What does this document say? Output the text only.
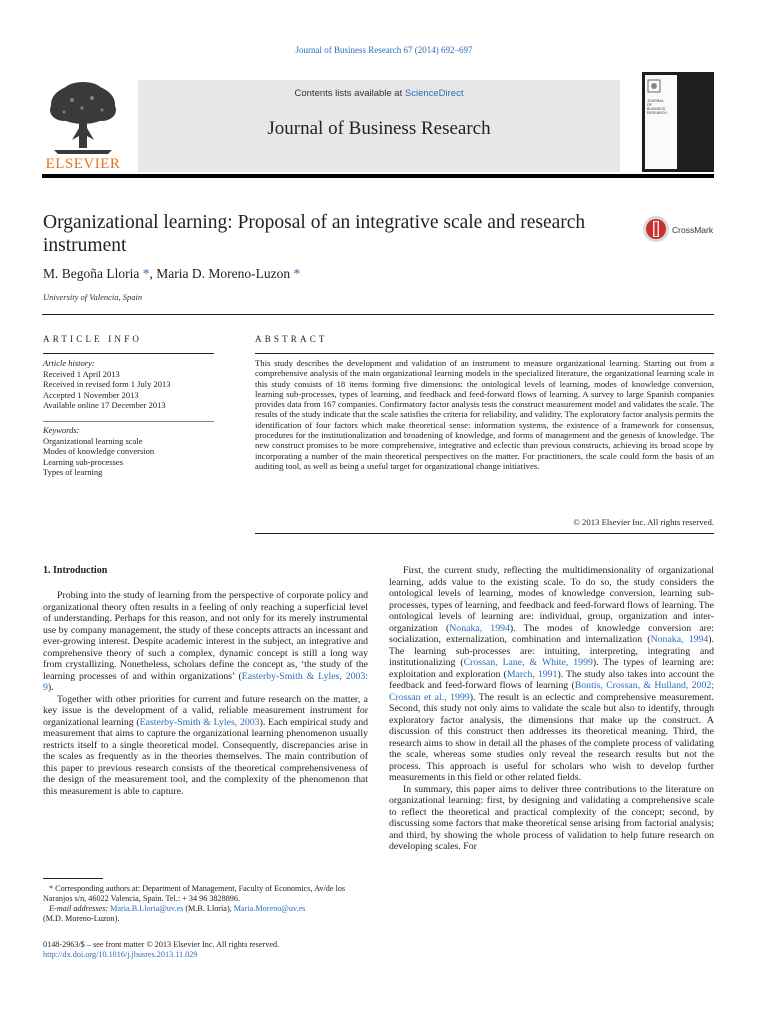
Journal of Business Research 67 (2014) 692–697
ELSEVIER
Contents lists available at ScienceDirect
Journal of Business Research
JOURNAL
OF
BUSINESS
RESEARCH
Organizational learning: Proposal of an integrative scale and research instrument
CrossMark
M. Begoña Lloria *, Maria D. Moreno-Luzon *
University of Valencia, Spain
ARTICLE INFO
Article history:
Received 1 April 2013
Received in revised form 1 July 2013
Accepted 1 November 2013
Available online 17 December 2013
Keywords:
Organizational learning scale
Modes of knowledge conversion
Learning sub-processes
Types of learning
ABSTRACT
This study describes the development and validation of an instrument to measure organizational learning. Starting out from a comprehensive analysis of the main organizational learning models in the specialized literature, the organizational learning scale in this study consists of 18 items forming five dimensions: the ontological levels of learning, modes of knowledge conversion, learning sub-processes, types of learning, and feedback and feed-forward flows of learning. A survey to large Spanish companies provides data from 167 companies. Confirmatory factor analysis tests the construct measurement model and validates the scale. The results of the study indicate that the scale satisfies the criteria for reliability, and validity. The exploratory factor analysis permits the identification of four factors which make theoretical sense: information systems, the existence of a framework for consensus, procedures for the institutionalization and broadening of knowledge, and forms of management and the genesis of knowledge. The new construct promises to be more comprehensive, integrative and eclectic than previous constructs, achieving its broad scope by incorporating a number of the main theoretical perspectives on the matter. For practitioners, the scale could form the basis of an auditing tool, as well as being a useful target for organizational change initiatives.
© 2013 Elsevier Inc. All rights reserved.
1. Introduction

Probing into the study of learning from the perspective of corporate policy and organizational theory often results in a feeling of only reaching a superficial level of understanding. Perhaps for this reason, and not only for its merely instrumental use by company management, the study of these concepts attracts an incessant and ever-growing interest. Despite academic interest in the subject, an integrative and comprehensive theory of such a complex, dynamic concept is still a long way from crystallizing. Nonetheless, scholars define the concept as, ‘the study of the learning processes of and within organizations’ (Easterby-Smith & Lyles, 2003: 9).

Together with other priorities for current and future research on the matter, a key issue is the development of a valid, reliable measurement instrument for organizational learning (Easterby-Smith & Lyles, 2003). Each empirical study and measurement that aims to capture the organizational learning phenomenon usually restricts itself to a single theoretical model. Consequently, discrepancies arise in the scales as frequently as in the theories themselves. The main contribution of this paper to previous research consists of the theoretical comprehensiveness of the design of the measurement tool, and the complexity of the phenomenon that this measurement is able to capture.

* Corresponding authors at: Department of Management, Faculty of Economics, Av/de los Naranjos s/n, 46022 Valencia, Spain. Tel.: + 34 96 3828896.
E-mail addresses: Maria.B.Lloria@uv.es (M.B. Lloria), Maria.Moreno@uv.es
(M.D. Moreno-Luzon).
0148-2963/$ – see front matter © 2013 Elsevier Inc. All rights reserved.
http://dx.doi.org/10.1016/j.jbusres.2013.11.029

First, the current study, reflecting the multidimensionality of organizational learning, adds value to the existing scale. To do so, the study considers the ontological levels of learning, modes of knowledge conversion, learning sub-processes, types of learning, and feedback and feed-forward flows of learning. The ontological levels of learning are: individual, group, organization and inter-organization (Nonaka, 1994). The modes of knowledge conversion are: socialization, externalization, combination and internalization (Nonaka, 1994). The learning sub-processes are: intuiting, interpreting, integrating and institutionalizing (Crossan, Lane, & White, 1999). The types of learning are: exploitation and exploration (March, 1991). The study also takes into account the feedback and feed-forward flows of learning (Bontis, Crossan, & Hulland, 2002; Crossan et al., 1999). The result is an eclectic and comprehensive measurement. Second, this study not only aims to validate the scale but also to identify, through exploratory factor analysis, the dimensions that make up the construct. A discussion of this construct then addresses its theoretical meaning. Third, the research aims to show in detail all the phases of the complete process of validating the scale, whereas some studies only reveal the research results but not the process. This approach is useful for scholars who wish to develop further measurements in this field or other related fields.

In summary, this paper aims to deliver three contributions to the literature on organizational learning: first, by designing and validating a comprehensive scale to reflect the theoretical and practical complexity of the concept; second, by discussing some factors that make theoretical sense arising from factorial analysis; and third, by showing the whole process of validation to help future research on developing scales. For
